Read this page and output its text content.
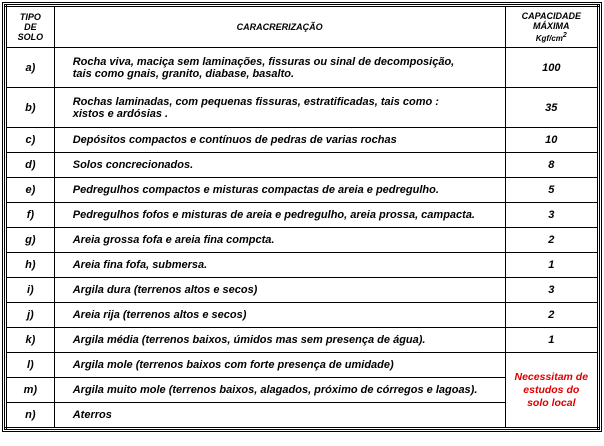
TIPO
DE
SOLO	CARACRERIZAÇÃO	CAPACIDADE
MÁXIMA
Kgf/$cm^2$
a)	Rocha viva, maciça sem laminações, fissuras ou sinal de decomposição,
tais como gnais, granito, diabase, basalto.	100
b)	Rochas laminadas, com pequenas fissuras, estratificadas, tais como :
xistos e ardósias .	35
c)	Depósitos compactos e contínuos de pedras de varias rochas	10
d)	Solos concrecionados.	8
e)	Pedregulhos compactos e misturas compactas de areia e pedregulho.	5
f)	Pedregulhos fofos e misturas de areia e pedregulho, areia prossa, campacta.	3
g)	Areia grossa fofa e areia fina compcta.	2
h)	Areia fina fofa, submersa.	1
i)	Argila dura (terrenos altos e secos)	3
j)	Areia rija (terrenos altos e secos)	2
k)	Argila média (terrenos baixos, úmidos mas sem presença de água).	1
l)	Argila mole (terrenos baixos com forte presença de umidade)	Necessitam de
estudos do
solo local
m)	Argila muito mole (terrenos baixos, alagados, próximo de córregos e lagoas).	
n)	Aterros	
